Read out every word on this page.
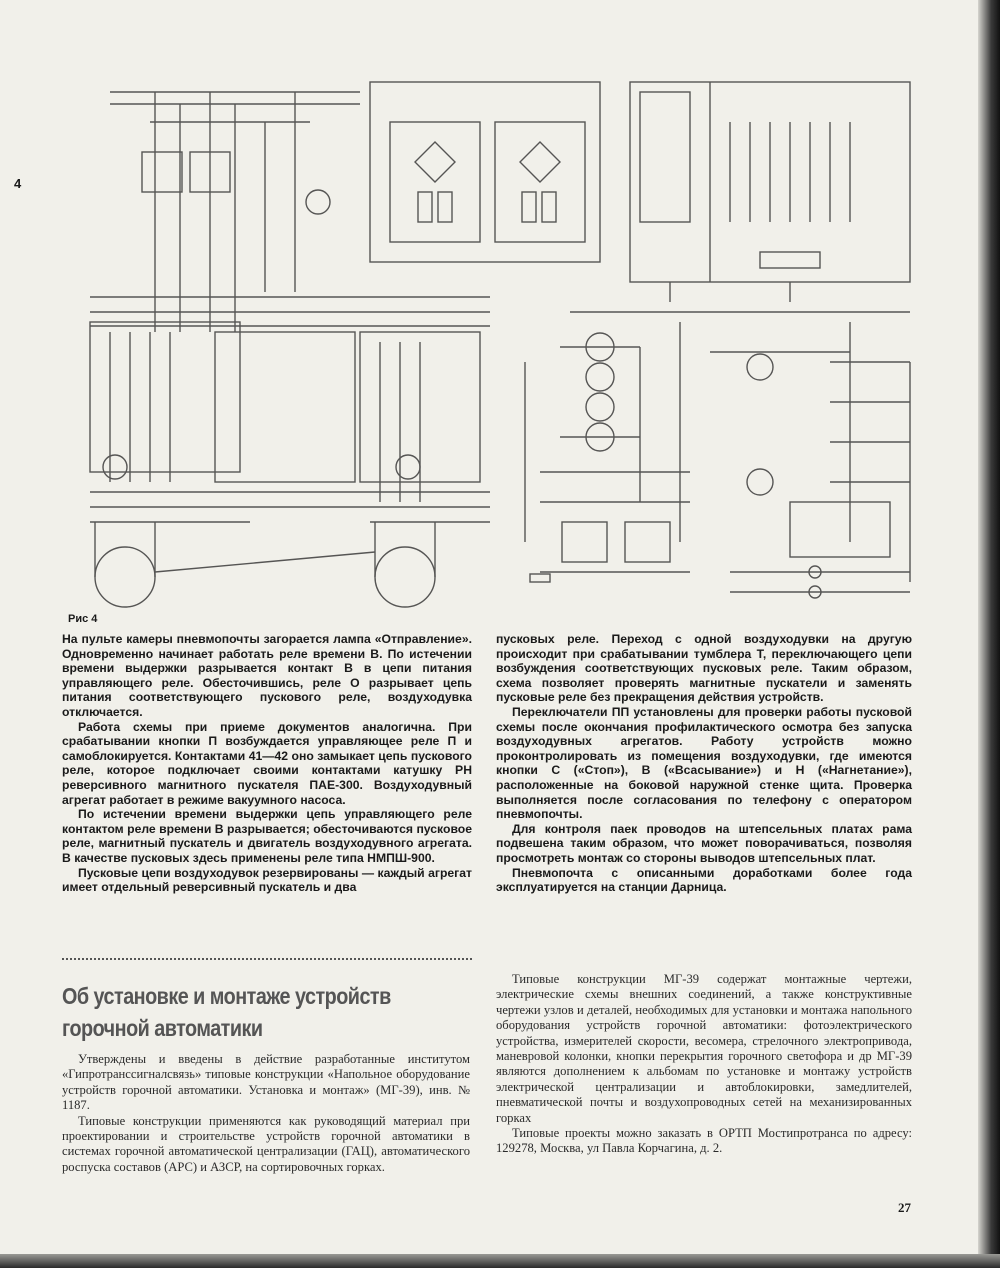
4
Рис 4

На пульте камеры пневмопочты загорается лампа «Отправление». Одновременно начинает работать реле времени В. По истечении времени выдержки разрывается контакт В в цепи питания управляющего реле. Обесточившись, реле О разрывает цепь питания соответствующего пускового реле, воздуходувка отключается.

Работа схемы при приеме документов аналогична. При срабатывании кнопки П возбуждается управляющее реле П и самоблокируется. Контактами 41—42 оно замыкает цепь пускового реле, которое подключает своими контактами катушку РН реверсивного магнитного пускателя ПАЕ-300. Воздуходувный агрегат работает в режиме вакуумного насоса.

По истечении времени выдержки цепь управляющего реле контактом реле времени В разрывается; обесточиваются пусковое реле, магнитный пускатель и двигатель воздуходувного агрегата. В качестве пусковых здесь применены реле типа НМПШ-900.

Пусковые цепи воздуходувок резервированы — каждый агрегат имеет отдельный реверсивный пускатель и два

пусковых реле. Переход с одной воздуходувки на другую происходит при срабатывании тумблера Т, переключающего цепи возбуждения соответствующих пусковых реле. Таким образом, схема позволяет проверять магнитные пускатели и заменять пусковые реле без прекращения действия устройств.

Переключатели ПП установлены для проверки работы пусковой схемы после окончания профилактического осмотра без запуска воздуходувных агрегатов. Работу устройств можно проконтролировать из помещения воздуходувки, где имеются кнопки С («Стоп»), В («Всасывание») и Н («Нагнетание»), расположенные на боковой наружной стенке щита. Проверка выполняется после согласования по телефону с оператором пневмопочты.

Для контроля паек проводов на штепсельных платах рама подвешена таким образом, что может поворачиваться, позволяя просмотреть монтаж со стороны выводов штепсельных плат.

Пневмопочта с описанными доработками более года эксплуатируется на станции Дарница.

Об установке и монтаже устройств горочной автоматики

Утверждены и введены в действие разработанные институтом «Гипротранссигналсвязь» типовые конструкции «Напольное оборудование устройств горочной автоматики. Установка и монтаж» (МГ-39), инв. № 1187.

Типовые конструкции применяются как руководящий материал при проектировании и строительстве устройств горочной автоматики в системах горочной автоматической централизации (ГАЦ), автоматического роспуска составов (АРС) и АЗСР, на сортировочных горках.

Типовые конструкции МГ-39 содержат монтажные чертежи, электрические схемы внешних соединений, а также конструктивные чертежи узлов и деталей, необходимых для установки и монтажа напольного оборудования устройств горочной автоматики: фотоэлектрического устройства, измерителей скорости, весомера, стрелочного электропривода, маневровой колонки, кнопки перекрытия горочного светофора и др МГ-39 являются дополнением к альбомам по установке и монтажу устройств электрической централизации и автоблокировки, замедлителей, пневматической почты и воздухопроводных сетей на механизированных горках

Типовые проекты можно заказать в ОРТП Мостипротранса по адресу: 129278, Москва, ул Павла Корчагина, д. 2.

27
